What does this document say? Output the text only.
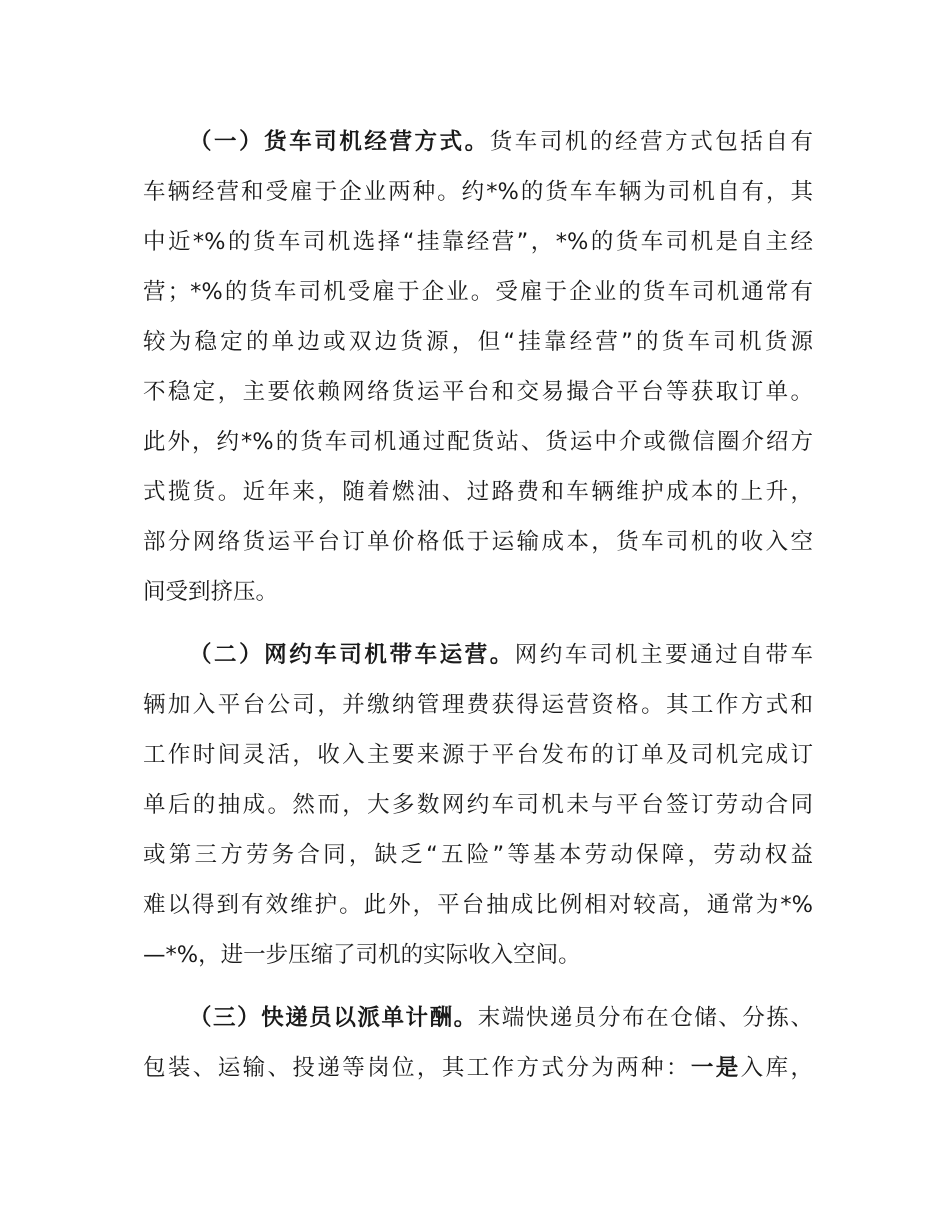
（一）货车司机经营方式。货车司机的经营方式包括自有
车辆经营和受雇于企业两种。约*%的货车车辆为司机自有，其
中近*%的货车司机选择“挂靠经营”，*%的货车司机是自主经
营；*%的货车司机受雇于企业。受雇于企业的货车司机通常有
较为稳定的单边或双边货源，但“挂靠经营”的货车司机货源
不稳定，主要依赖网络货运平台和交易撮合平台等获取订单。
此外，约*%的货车司机通过配货站、货运中介或微信圈介绍方
式揽货。近年来，随着燃油、过路费和车辆维护成本的上升，
部分网络货运平台订单价格低于运输成本，货车司机的收入空
间受到挤压。
（二）网约车司机带车运营。网约车司机主要通过自带车
辆加入平台公司，并缴纳管理费获得运营资格。其工作方式和
工作时间灵活，收入主要来源于平台发布的订单及司机完成订
单后的抽成。然而，大多数网约车司机未与平台签订劳动合同
或第三方劳务合同，缺乏“五险”等基本劳动保障，劳动权益
难以得到有效维护。此外，平台抽成比例相对较高，通常为*%
—*%，进一步压缩了司机的实际收入空间。
（三）快递员以派单计酬。末端快递员分布在仓储、分拣、
包装、运输、投递等岗位，其工作方式分为两种：一是入库，
